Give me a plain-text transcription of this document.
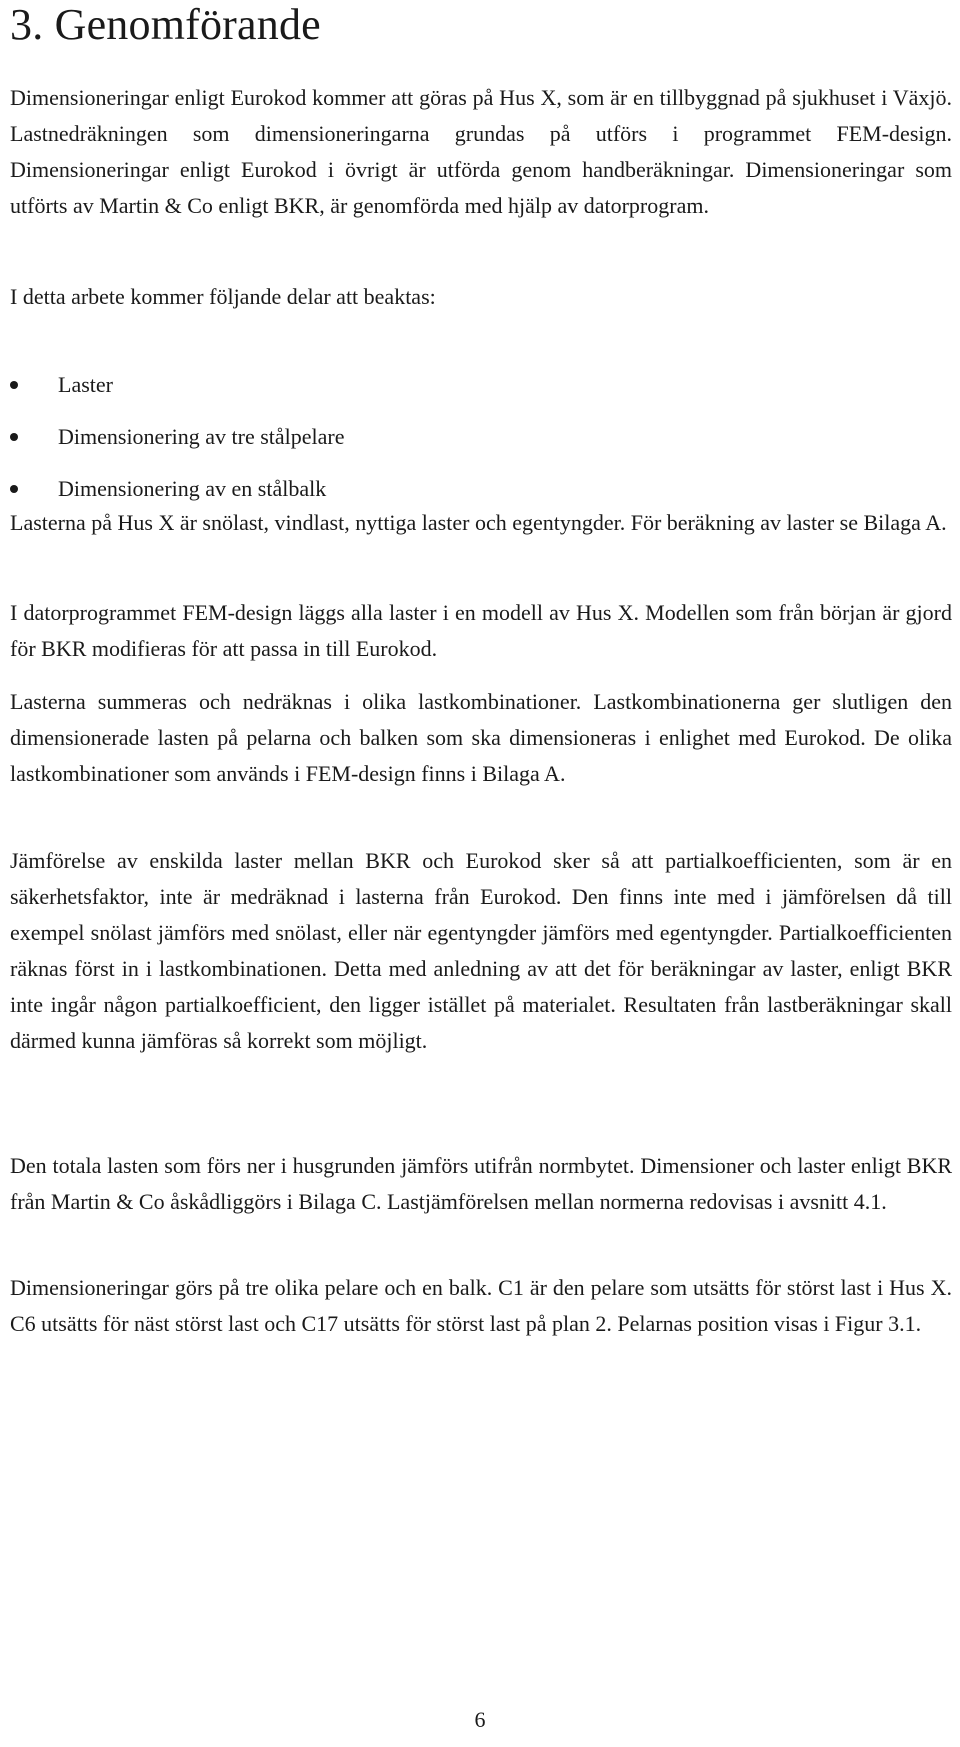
3. Genomförande

Dimensioneringar enligt Eurokod kommer att göras på Hus X, som är en tillbyggnad på sjukhuset i Växjö. Lastnedräkningen som dimensioneringarna grundas på utförs i programmet FEM-design. Dimensioneringar enligt Eurokod i övrigt är utförda genom handberäkningar. Dimensioneringar som utförts av Martin & Co enligt BKR, är genomförda med hjälp av datorprogram.

I detta arbete kommer följande delar att beaktas:

Laster
Dimensionering av tre stålpelare
Dimensionering av en stålbalk

Lasterna på Hus X är snölast, vindlast, nyttiga laster och egentyngder. För beräkning av laster se Bilaga A.

I datorprogrammet FEM-design läggs alla laster i en modell av Hus X. Modellen som från början är gjord för BKR modifieras för att passa in till Eurokod.

Lasterna summeras och nedräknas i olika lastkombinationer. Lastkombinationerna ger slutligen den dimensionerade lasten på pelarna och balken som ska dimensioneras i enlighet med Eurokod. De olika lastkombinationer som används i FEM-design finns i Bilaga A.

Jämförelse av enskilda laster mellan BKR och Eurokod sker så att partialkoefficienten, som är en säkerhetsfaktor, inte är medräknad i lasterna från Eurokod. Den finns inte med i jämförelsen då till exempel snölast jämförs med snölast, eller när egentyngder jämförs med egentyngder. Partialkoefficienten räknas först in i lastkombinationen. Detta med anledning av att det för beräkningar av laster, enligt BKR inte ingår någon partialkoefficient, den ligger istället på materialet. Resultaten från lastberäkningar skall därmed kunna jämföras så korrekt som möjligt.

Den totala lasten som förs ner i husgrunden jämförs utifrån normbytet. Dimensioner och laster enligt BKR från Martin & Co åskådliggörs i Bilaga C. Lastjämförelsen mellan normerna redovisas i avsnitt 4.1.

Dimensioneringar görs på tre olika pelare och en balk. C1 är den pelare som utsätts för störst last i Hus X. C6 utsätts för näst störst last och C17 utsätts för störst last på plan 2. Pelarnas position visas i Figur 3.1.

6
